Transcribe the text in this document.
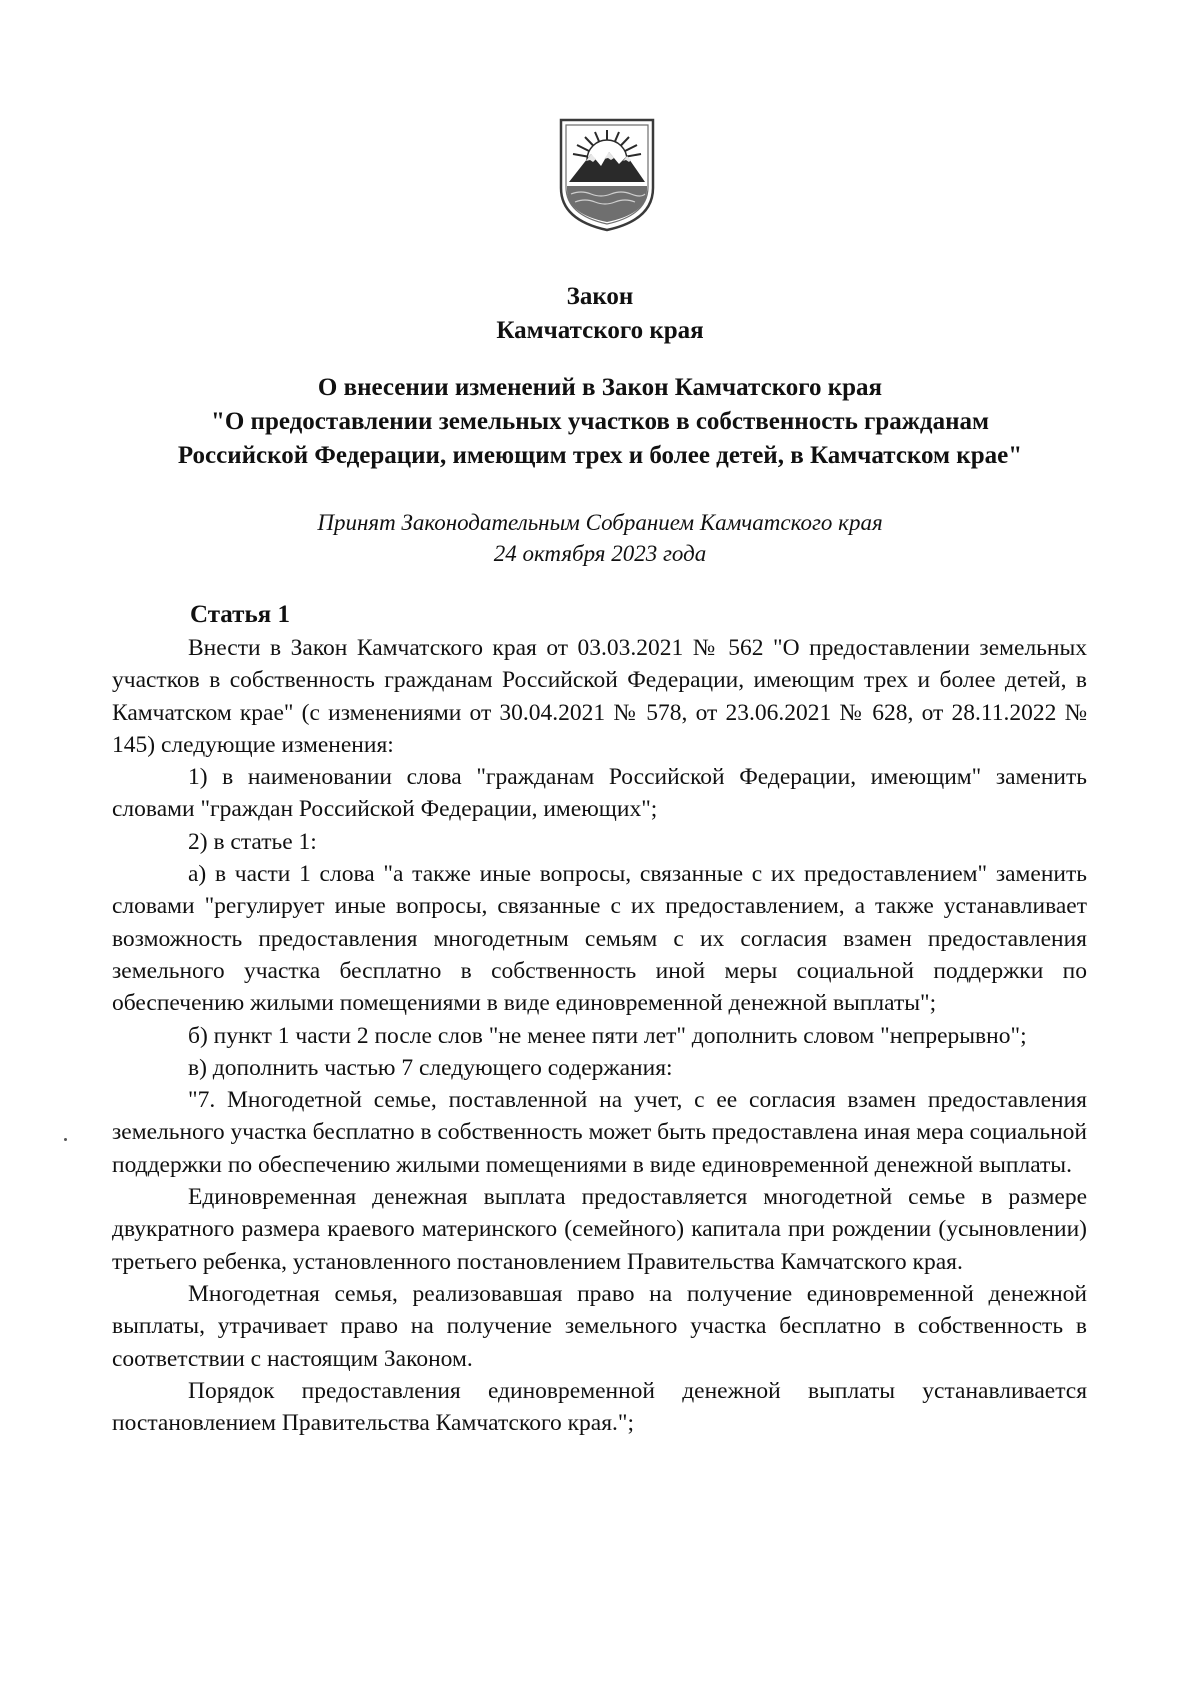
Закон
Камчатского края
О внесении изменений в Закон Камчатского края
"О предоставлении земельных участков в собственность гражданам
Российской Федерации, имеющим трех и более детей, в Камчатском крае"
Принят Законодательным Собранием Камчатского края
24 октября 2023 года
Статья 1

Внести в Закон Камчатского края от 03.03.2021 № 562 "О предоставлении земельных участков в собственность гражданам Российской Федерации, имеющим трех и более детей, в Камчатском крае" (с изменениями от 30.04.2021 № 578, от 23.06.2021 № 628, от 28.11.2022 № 145) следующие изменения:

1) в наименовании слова "гражданам Российской Федерации, имеющим" заменить словами "граждан Российской Федерации, имеющих";

2) в статье 1:

а) в части 1 слова "а также иные вопросы, связанные с их предоставлением" заменить словами "регулирует иные вопросы, связанные с их предоставлением, а также устанавливает возможность предоставления многодетным семьям с их согласия взамен предоставления земельного участка бесплатно в собственность иной меры социальной поддержки по обеспечению жилыми помещениями в виде единовременной денежной выплаты";

б) пункт 1 части 2 после слов "не менее пяти лет" дополнить словом "непрерывно";

в) дополнить частью 7 следующего содержания:

"7. Многодетной семье, поставленной на учет, с ее согласия взамен предоставления земельного участка бесплатно в собственность может быть предоставлена иная мера социальной поддержки по обеспечению жилыми помещениями в виде единовременной денежной выплаты.

Единовременная денежная выплата предоставляется многодетной семье в размере двукратного размера краевого материнского (семейного) капитала при рождении (усыновлении) третьего ребенка, установленного постановлением Правительства Камчатского края.

Многодетная семья, реализовавшая право на получение единовременной денежной выплаты, утрачивает право на получение земельного участка бесплатно в собственность в соответствии с настоящим Законом.

Порядок предоставления единовременной денежной выплаты устанавливается постановлением Правительства Камчатского края.";
